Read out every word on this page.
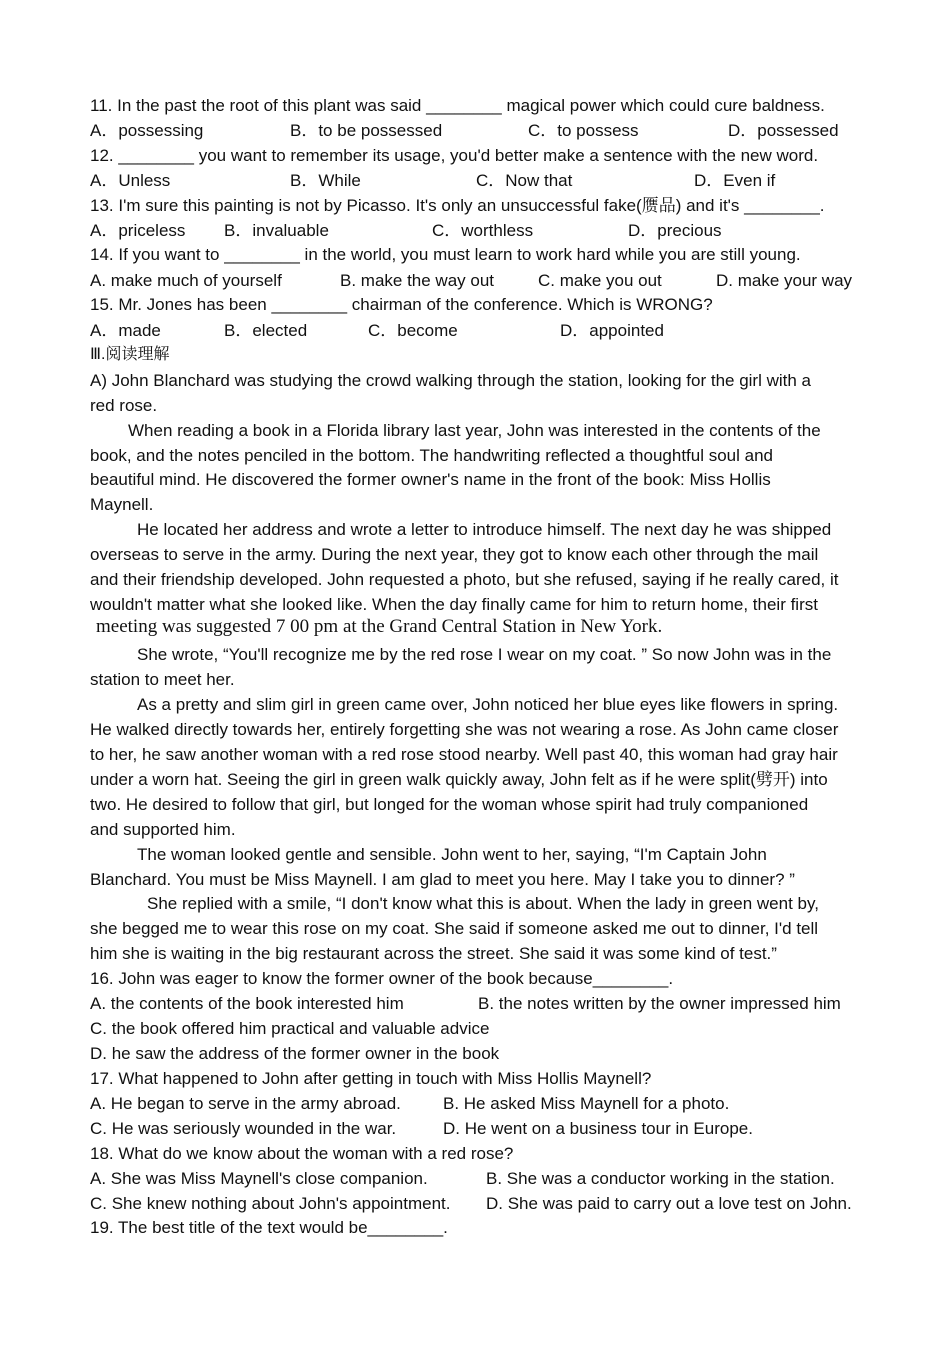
11. In the past the root of this plant was said ________ magical power which could cure baldness.
A．possessing	B．to be possessed	C．to possess	D．possessed
12. ________ you want to remember its usage, you'd better make a sentence with the new word.
A．Unless	B．While	C．Now that	D．Even if
13. I'm sure this painting is not by Picasso. It's only an unsuccessful fake(赝品) and it's ________.
A．priceless B．invaluable	C．worthless	D．precious
14. If you want to ________ in the world, you must learn to work hard while you are still young.
A. make much of yourself	B. make the way out	C. make you out	D. make your way
15. Mr. Jones has been ________ chairman of the conference. Which is WRONG?
A．made	B．elected	C．become	D．appointed
Ⅲ.阅读理解
A) John Blanchard was studying the crowd walking through the station, looking for the girl with a
red rose.
When reading a book in a Florida library last year, John was interested in the contents of the
book, and the notes penciled in the bottom. The handwriting reflected a thoughtful soul and
beautiful mind. He discovered the former owner's name in the front of the book: Miss Hollis
Maynell.
He located her address and wrote a letter to introduce himself. The next day he was shipped
overseas to serve in the army. During the next year, they got to know each other through the mail
and their friendship developed. John requested a photo, but she refused, saying if he really cared, it
wouldn't matter what she looked like. When the day finally came for him to return home, their first
meeting was suggested 7 00 pm at the Grand Central Station in New York.
She wrote, “You'll recognize me by the red rose I wear on my coat. ” So now John was in the
station to meet her.
As a pretty and slim girl in green came over, John noticed her blue eyes like flowers in spring.
He walked directly towards her, entirely forgetting she was not wearing a rose. As John came closer
to her, he saw another woman with a red rose stood nearby. Well past 40, this woman had gray hair
under a worn hat. Seeing the girl in green walk quickly away, John felt as if he were split(劈开) into
two. He desired to follow that girl, but longed for the woman whose spirit had truly companioned
and supported him.
The woman looked gentle and sensible. John went to her, saying, “I'm Captain John
Blanchard. You must be Miss Maynell. I am glad to meet you here. May I take you to dinner? ”
She replied with a smile, “I don't know what this is about. When the lady in green went by,
she begged me to wear this rose on my coat. She said if someone asked me out to dinner, I'd tell
him she is waiting in the big restaurant across the street. She said it was some kind of test.”
16. John was eager to know the former owner of the book because________.
A. the contents of the book interested him	B. the notes written by the owner impressed him
C. the book offered him practical and valuable advice
D. he saw the address of the former owner in the book
17. What happened to John after getting in touch with Miss Hollis Maynell?
A. He began to serve in the army abroad. B. He asked Miss Maynell for a photo.
C. He was seriously wounded in the war.	D. He went on a business tour in Europe.
18. What do we know about the woman with a red rose?
A. She was Miss Maynell's close companion.	B. She was a conductor working in the station.
C. She knew nothing about John's appointment. D. She was paid to carry out a love test on John.
19. The best title of the text would be________.
